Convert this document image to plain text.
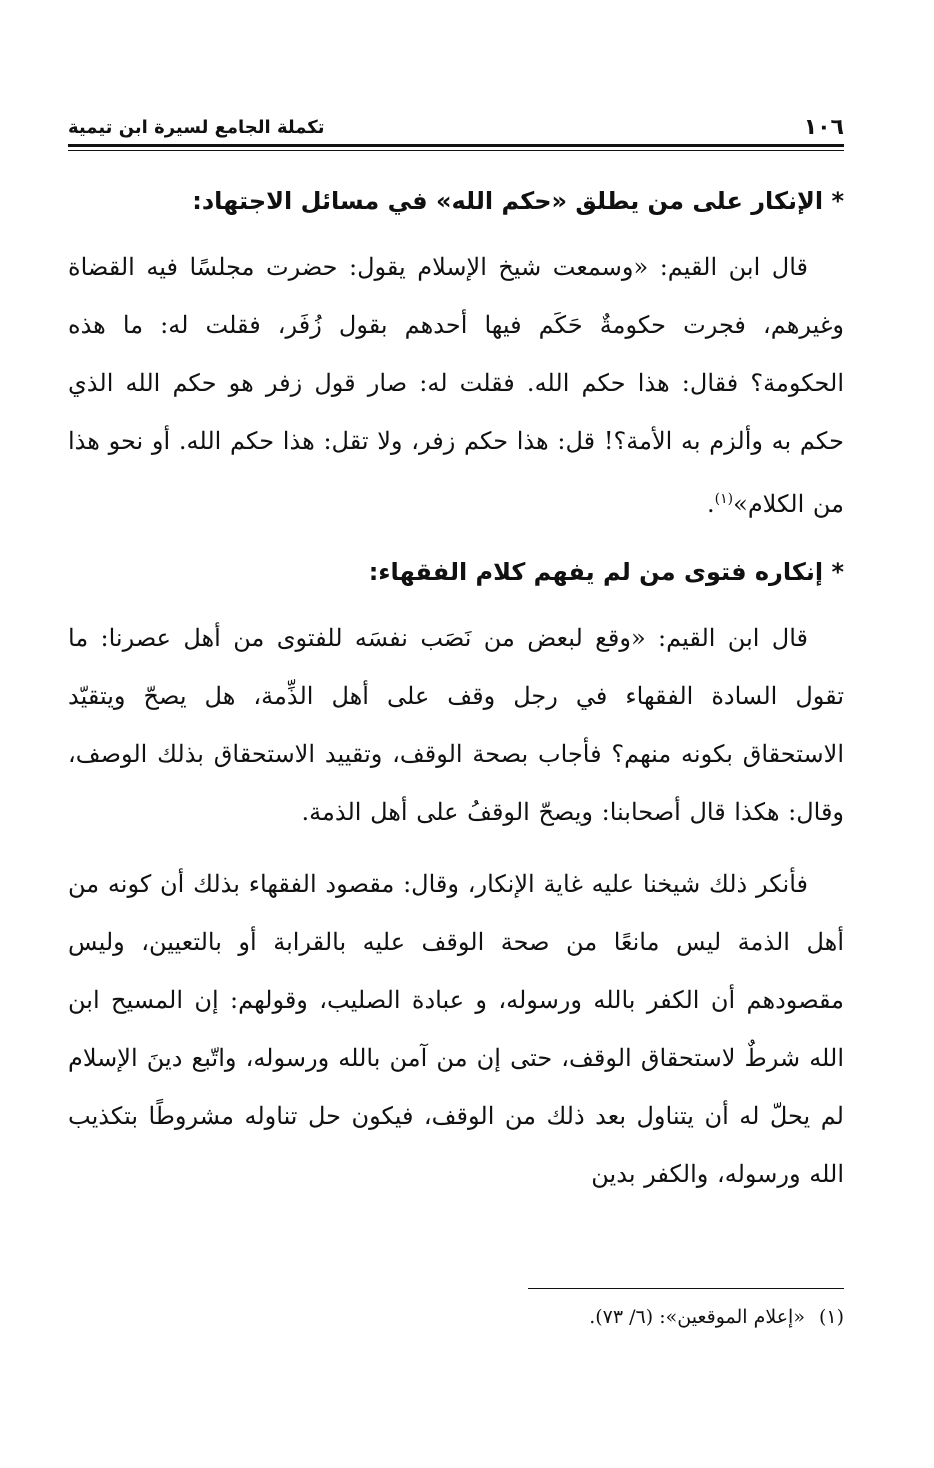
١٠٦
تكملة الجامع لسيرة ابن تيمية
* الإنكار على من يطلق «حكم الله» في مسائل الاجتهاد:

قال ابن القيم: «وسمعت شيخ الإسلام يقول: حضرت مجلسًا فيه القضاة وغيرهم، فجرت حكومةٌ حَكَم فيها أحدهم بقول زُفَر، فقلت له: ما هذه الحكومة؟ فقال: هذا حكم الله. فقلت له: صار قول زفر هو حكم الله الذي حكم به وألزم به الأمة؟! قل: هذا حكم زفر، ولا تقل: هذا حكم الله. أو نحو هذا من الكلام»$^{(١)}$.

* إنكاره فتوى من لم يفهم كلام الفقهاء:

قال ابن القيم: «وقع لبعض من نَصَب نفسَه للفتوى من أهل عصرنا: ما تقول السادة الفقهاء في رجل وقف على أهل الذِّمة، هل يصحّ ويتقيّد الاستحقاق بكونه منهم؟ فأجاب بصحة الوقف، وتقييد الاستحقاق بذلك الوصف، وقال: هكذا قال أصحابنا: ويصحّ الوقفُ على أهل الذمة.

فأنكر ذلك شيخنا عليه غاية الإنكار، وقال: مقصود الفقهاء بذلك أن كونه من أهل الذمة ليس مانعًا من صحة الوقف عليه بالقرابة أو بالتعيين، وليس مقصودهم أن الكفر بالله ورسوله، و عبادة الصليب، وقولهم: إن المسيح ابن الله شرطٌ لاستحقاق الوقف، حتى إن من آمن بالله ورسوله، واتّبع دينَ الإسلام لم يحلّ له أن يتناول بعد ذلك من الوقف، فيكون حل تناوله مشروطًا بتكذيب الله ورسوله، والكفر بدين

(١)«إعلام الموقعين»: (٦/ ٧٣).
